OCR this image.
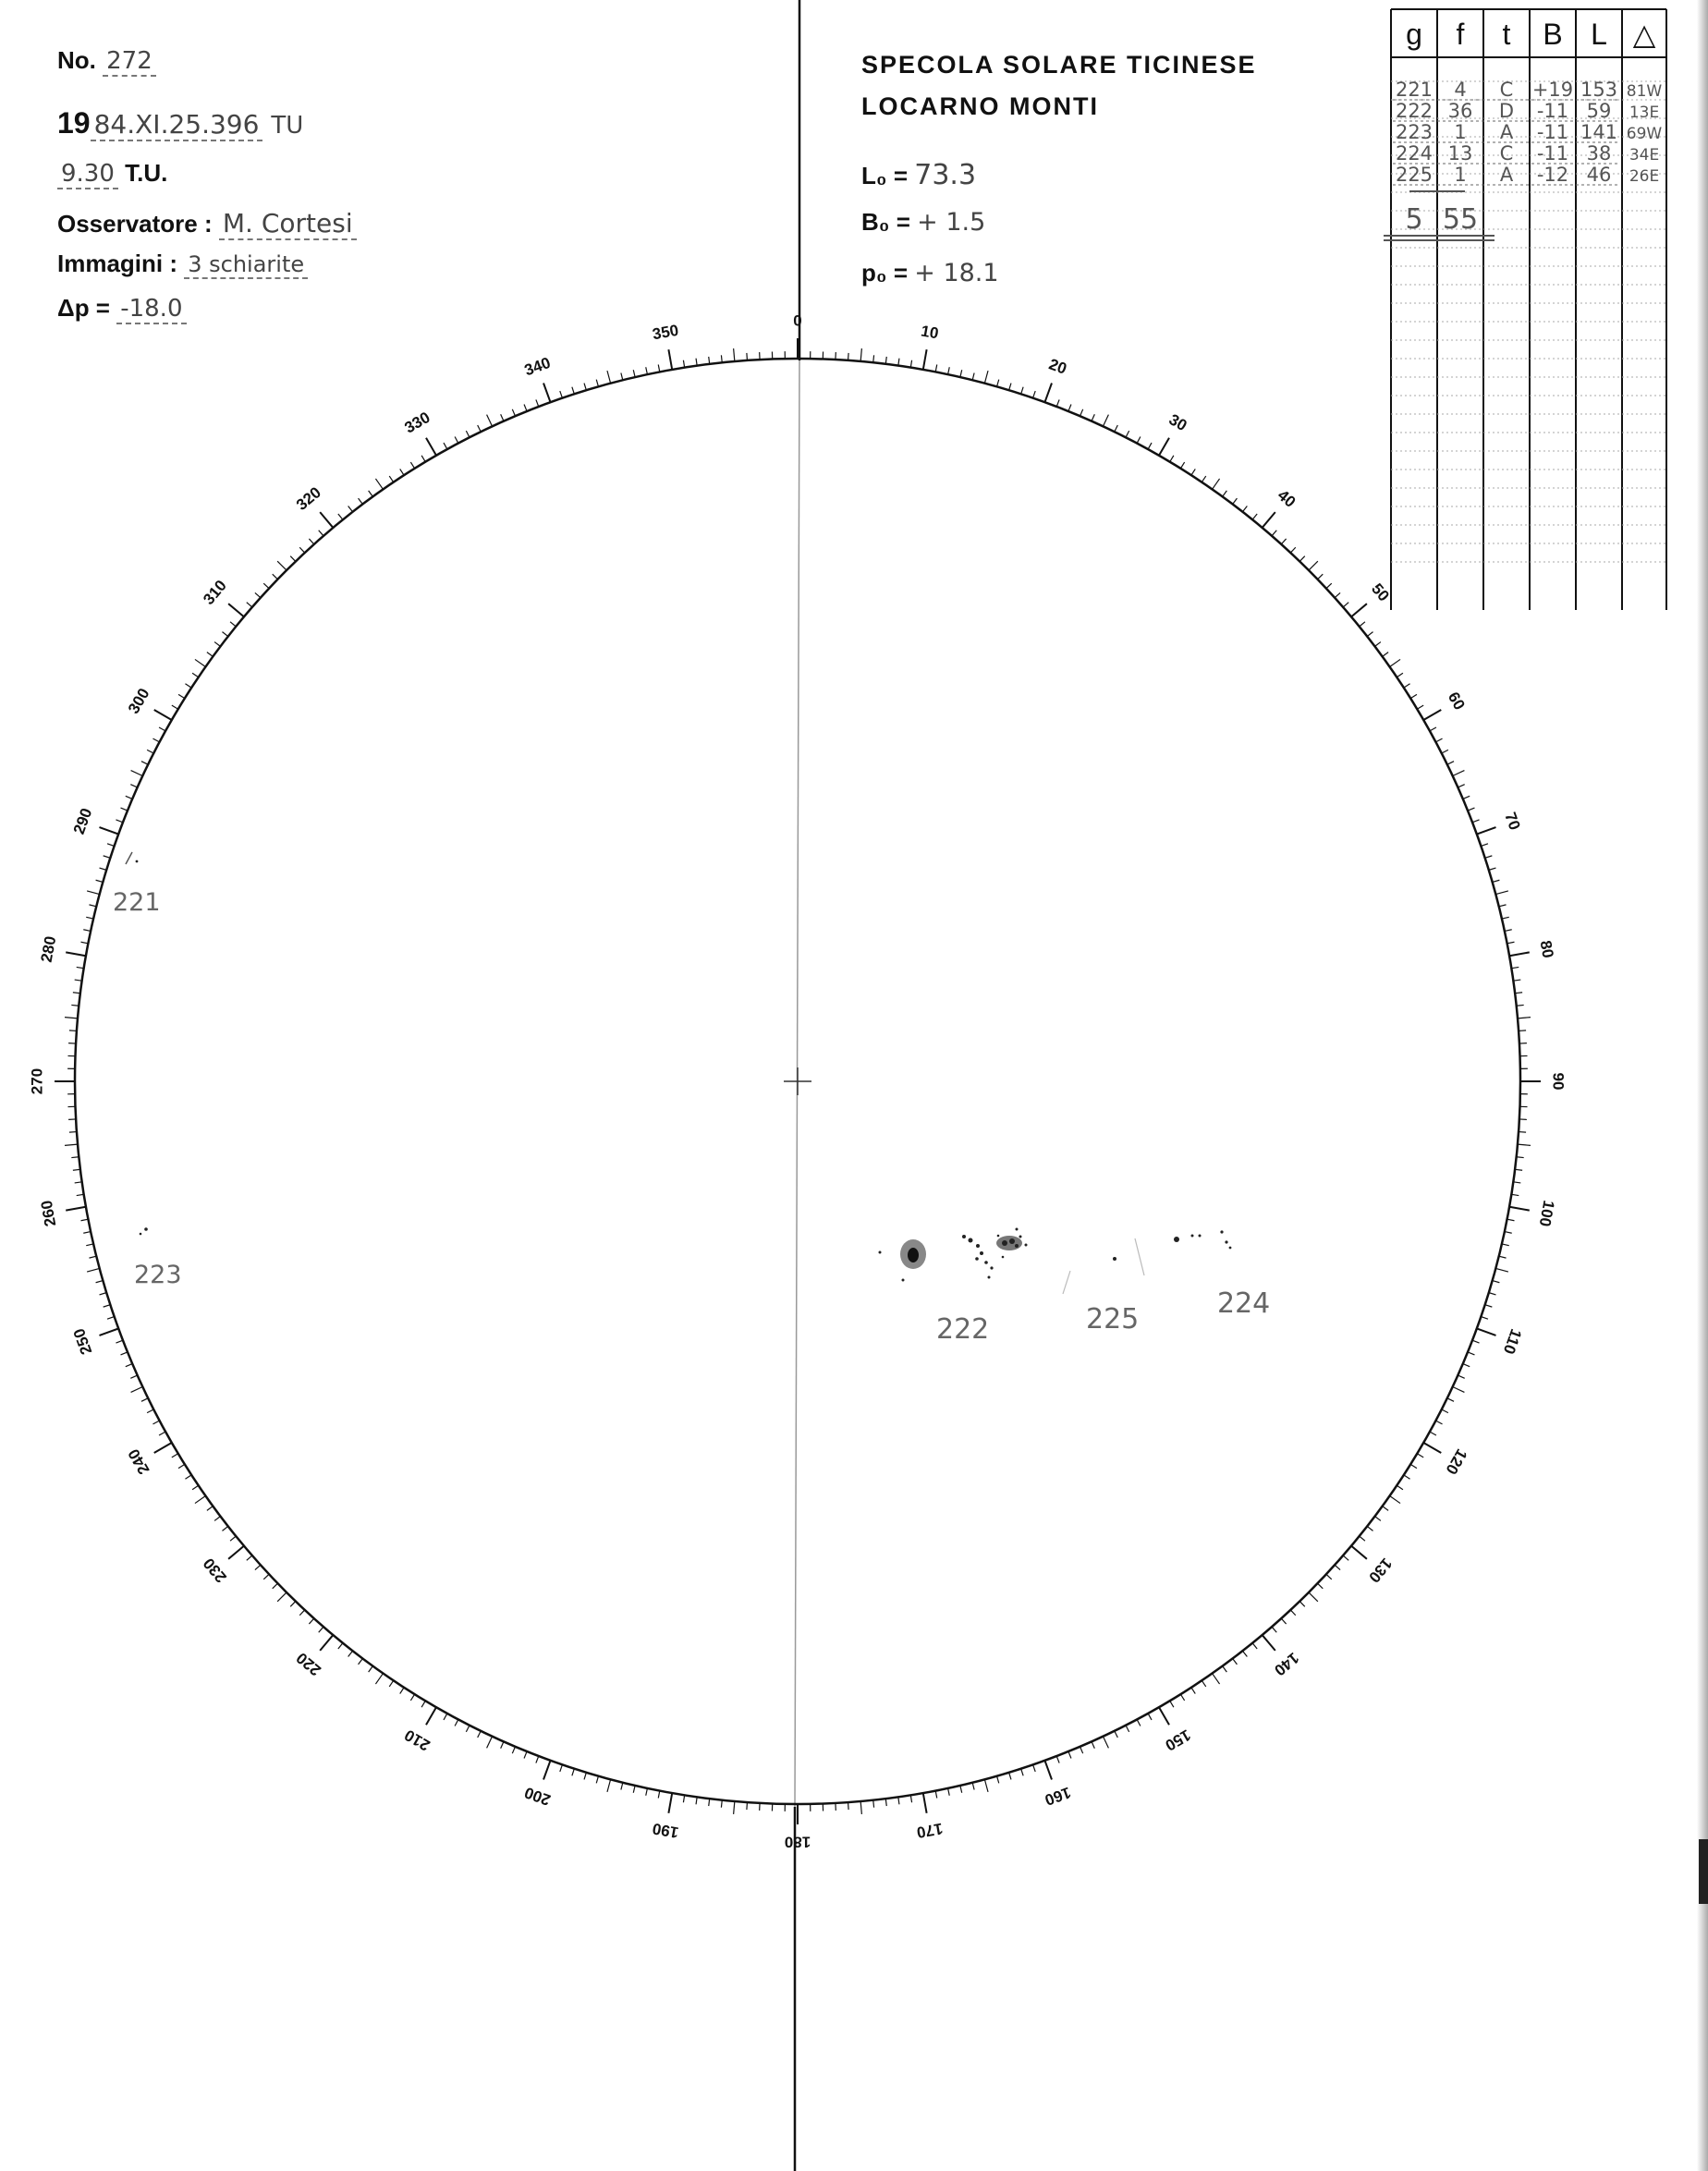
0
10
20
30
40
50
60
70
80
90
100
110
120
130
140
150
160
170
180
190
200
210
220
230
240
250
260
270
280
290
300
310
320
330
340
350
221
223
222	225	224
No. 272
19 84.XI.25.396 TU
9.30 T.U.
Osservatore : M. Cortesi
Immagini : 3 schiarite
Δp = -18.0
SPECOLA SOLARE TICINESE
LOCARNO MONTI
L₀ = 73.3
B₀ = + 1.5
p₀ = + 18.1
g f t B L △
221 4 C +19 153 81W
222 36 D -11 59 13E
223 1 A -11 141 69W
224 13 C -11 38 34E
225 1 A -12 46 26E
5 55
